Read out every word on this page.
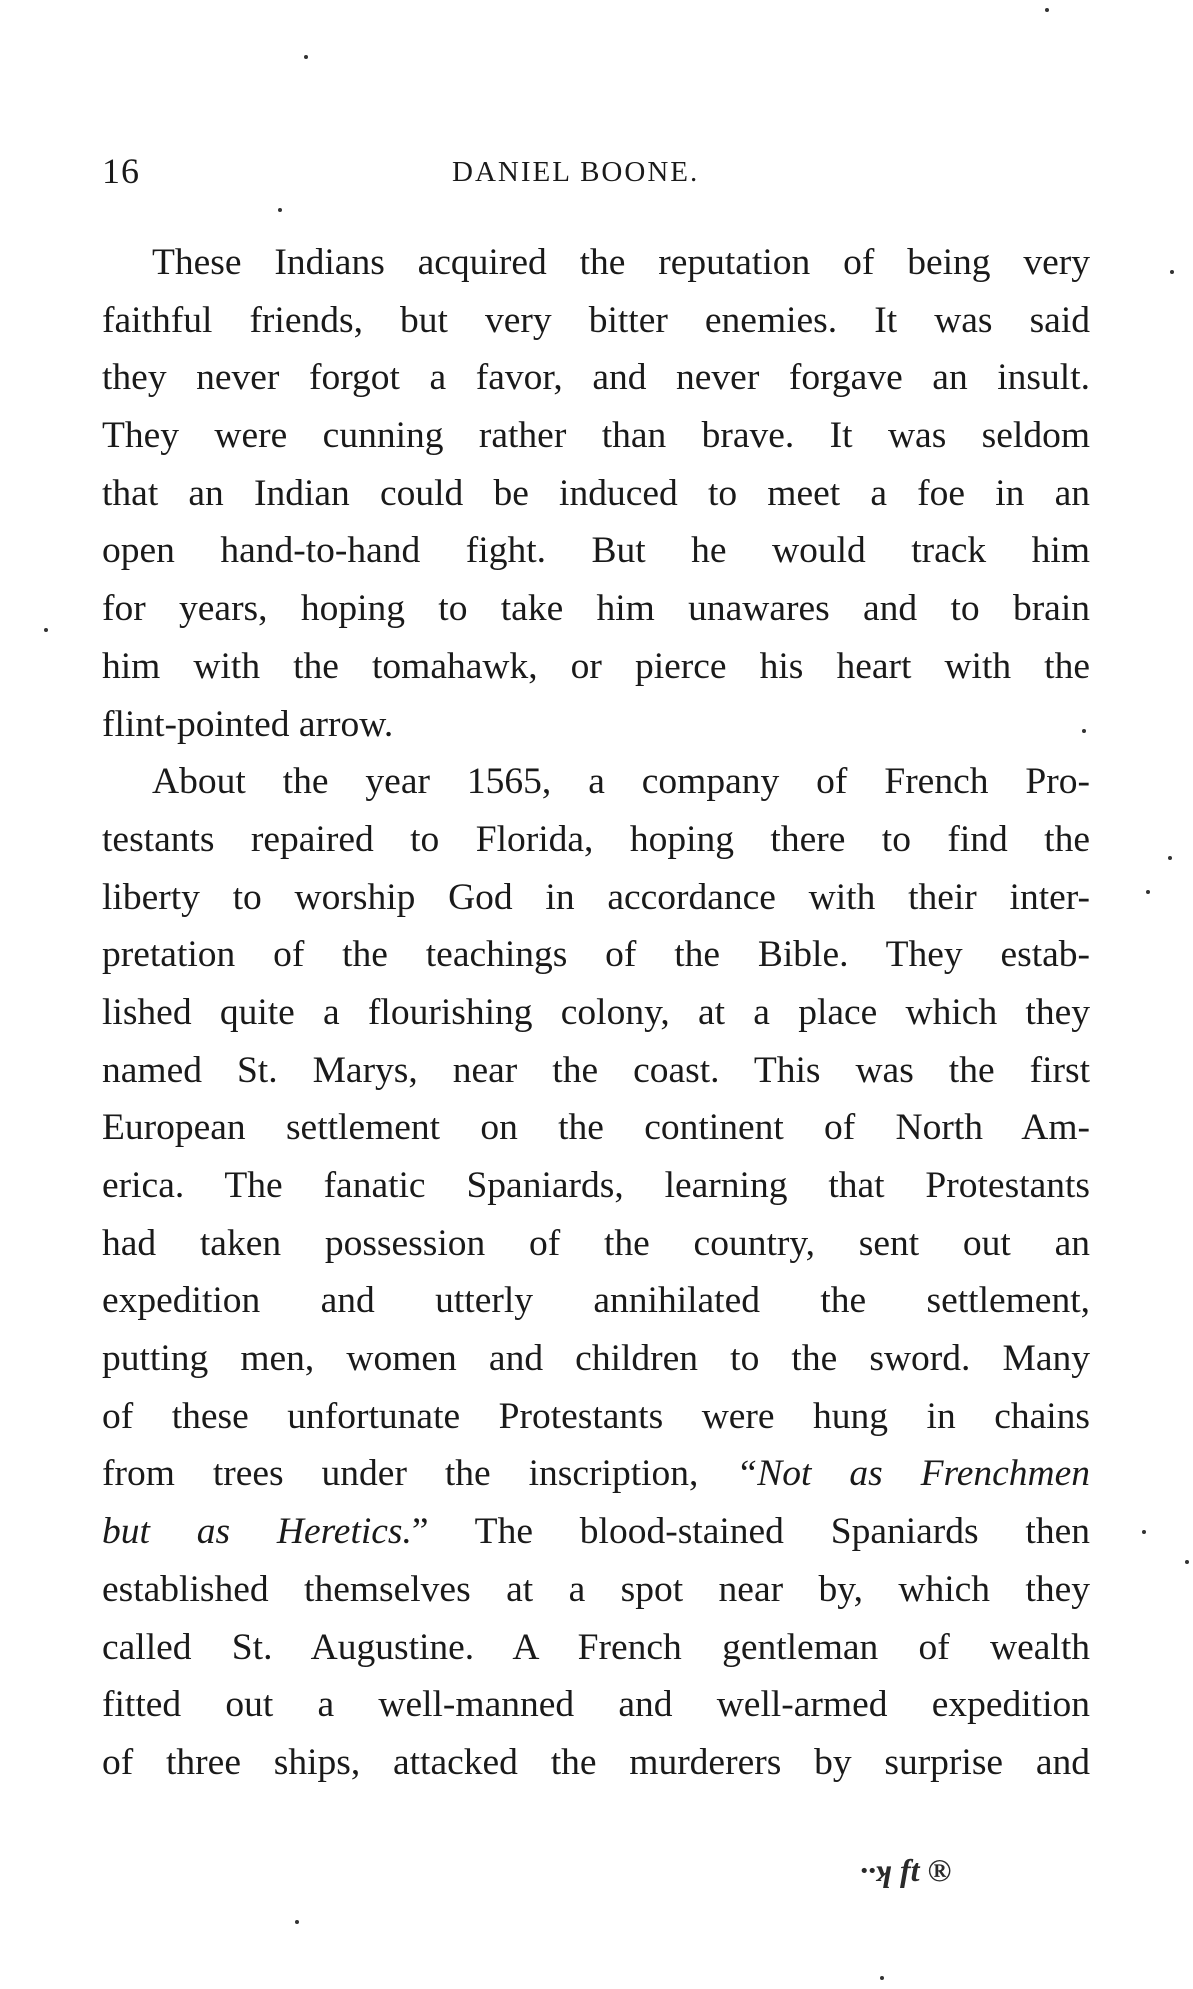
16	DANIEL BOONE.
These Indians acquired the reputation of being very
faithful friends, but very bitter enemies. It was said
they never forgot a favor, and never forgave an insult.
They were cunning rather than brave. It was seldom
that an Indian could be induced to meet a foe in an
open hand-to-hand fight. But he would track him
for years, hoping to take him unawares and to brain
him with the tomahawk, or pierce his heart with the
flint-pointed arrow.
About the year 1565, a company of French Pro-
testants repaired to Florida, hoping there to find the
liberty to worship God in accordance with their inter-
pretation of the teachings of the Bible. They estab-
lished quite a flourishing colony, at a place which they
named St. Marys, near the coast. This was the first
European settlement on the continent of North Am-
erica. The fanatic Spaniards, learning that Protestants
had taken possession of the country, sent out an
expedition and utterly annihilated the settlement,
putting men, women and children to the sword. Many
of these unfortunate Protestants were hung in chains
from trees under the inscription, “Not as Frenchmen
but as Heretics.” The blood-stained Spaniards then
established themselves at a spot near by, which they
called St. Augustine. A French gentleman of wealth
fitted out a well-manned and well-armed expedition
of three ships, attacked the murderers by surprise and
··ʞ ft ®
